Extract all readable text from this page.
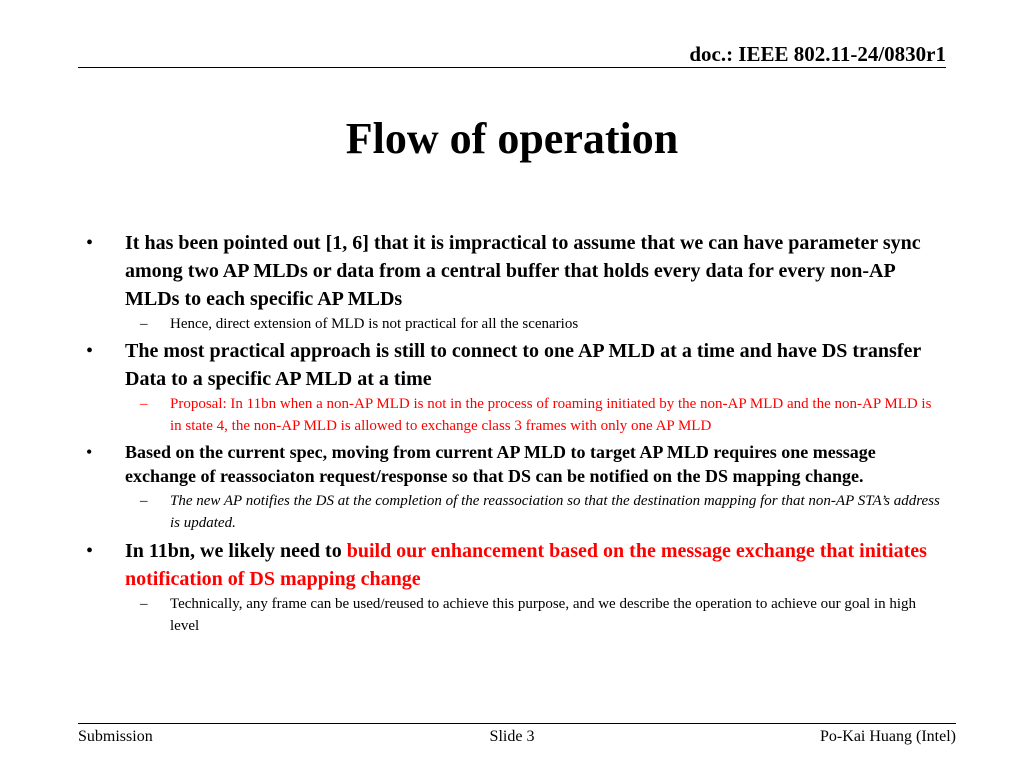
doc.: IEEE 802.11-24/0830r1
Flow of operation
• It has been pointed out [1, 6] that it is impractical to assume that we can have parameter sync among two AP MLDs or data from a central buffer that holds every data for every non-AP MLDs to each specific AP MLDs
– Hence, direct extension of MLD is not practical for all the scenarios
• The most practical approach is still to connect to one AP MLD at a time and have DS transfer Data to a specific AP MLD at a time
– Proposal: In 11bn when a non-AP MLD is not in the process of roaming initiated by the non-AP MLD and the non-AP MLD is in state 4, the non-AP MLD is allowed to exchange class 3 frames with only one AP MLD
• Based on the current spec, moving from current AP MLD to target AP MLD requires one message exchange of reassociaton request/response so that DS can be notified on the DS mapping change.
– The new AP notifies the DS at the completion of the reassociation so that the destination mapping for that non-AP STA’s address is updated.
• In 11bn, we likely need to build our enhancement based on the message exchange that initiates notification of DS mapping change
– Technically, any frame can be used/reused to achieve this purpose, and we describe the operation to achieve our goal in high level
Submission	Slide 3	Po-Kai Huang (Intel)
